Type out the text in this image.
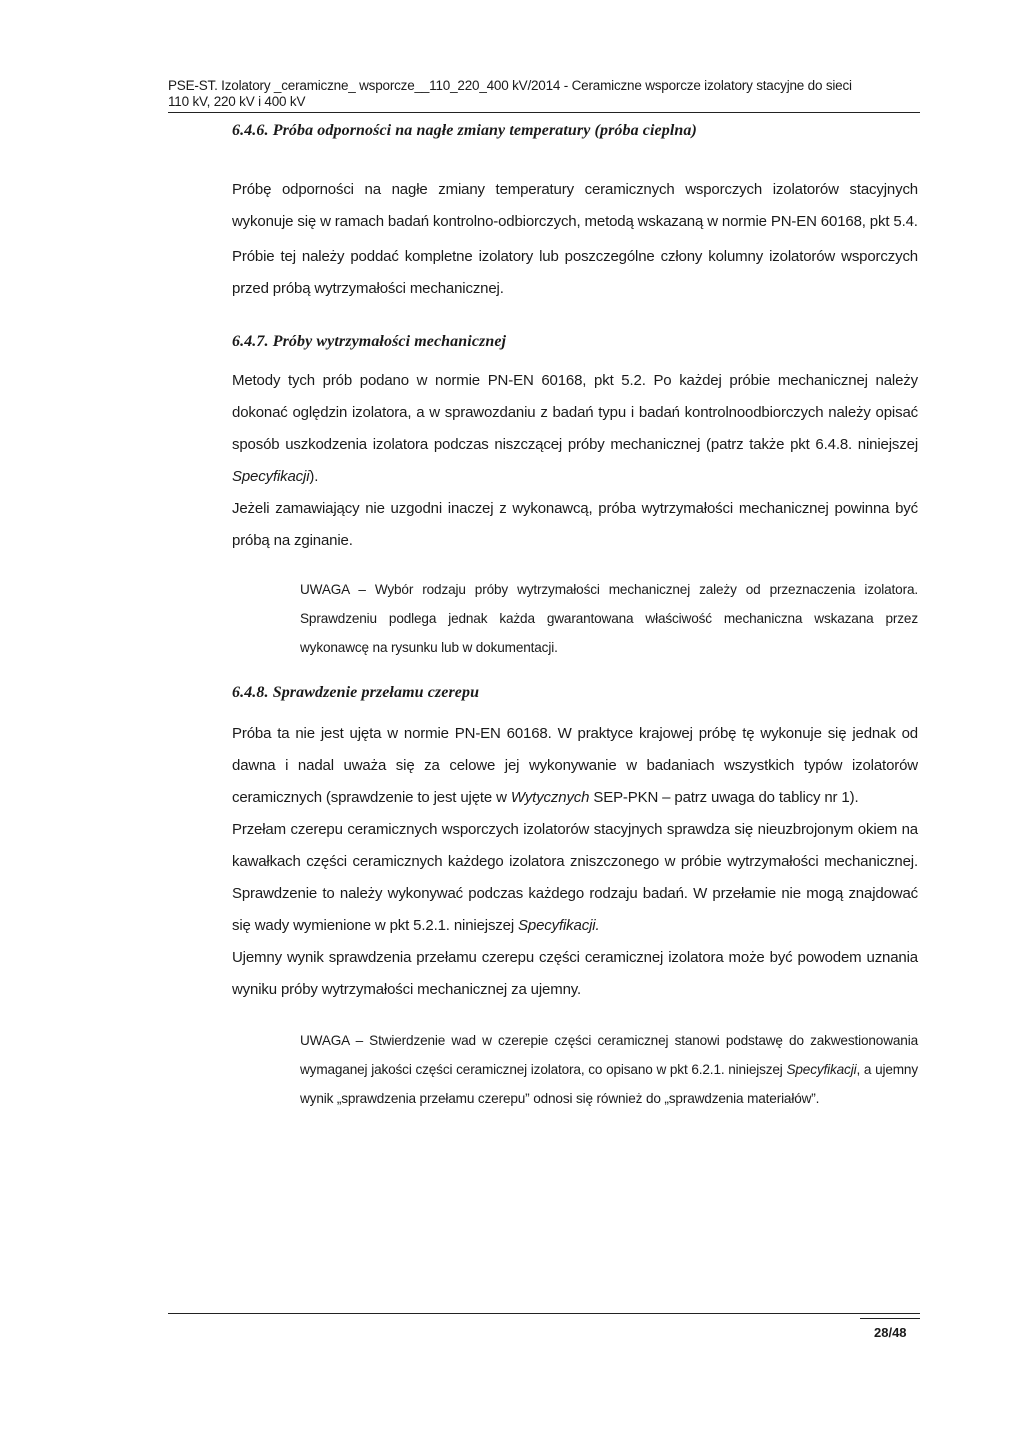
PSE-ST. Izolatory _ceramiczne_ wsporcze__110_220_400 kV/2014 - Ceramiczne wsporcze izolatory stacyjne do sieci
110 kV, 220 kV i 400 kV
6.4.6. Próba odporności na nagłe zmiany temperatury (próba cieplna)

Próbę odporności na nagłe zmiany temperatury ceramicznych wsporczych izolatorów stacyjnych wykonuje się w ramach badań kontrolno-odbiorczych, metodą wskazaną w normie PN-EN 60168, pkt 5.4.

Próbie tej należy poddać kompletne izolatory lub poszczególne człony kolumny izolatorów wsporczych przed próbą wytrzymałości mechanicznej.

6.4.7. Próby wytrzymałości mechanicznej

Metody tych prób podano w normie PN-EN 60168, pkt 5.2. Po każdej próbie mechanicznej należy dokonać oględzin izolatora, a w sprawozdaniu z badań typu i badań kontrolnoodbiorczych należy opisać sposób uszkodzenia izolatora podczas niszczącej próby mechanicznej (patrz także pkt 6.4.8. niniejszej Specyfikacji).

Jeżeli zamawiający nie uzgodni inaczej z wykonawcą, próba wytrzymałości mechanicznej powinna być próbą na zginanie.

UWAGA – Wybór rodzaju próby wytrzymałości mechanicznej zależy od przeznaczenia izolatora. Sprawdzeniu podlega jednak każda gwarantowana właściwość mechaniczna wskazana przez wykonawcę na rysunku lub w dokumentacji.

6.4.8. Sprawdzenie przełamu czerepu

Próba ta nie jest ujęta w normie PN-EN 60168. W praktyce krajowej próbę tę wykonuje się jednak od dawna i nadal uważa się za celowe jej wykonywanie w badaniach wszystkich typów izolatorów ceramicznych (sprawdzenie to jest ujęte w Wytycznych SEP-PKN – patrz uwaga do tablicy nr 1).

Przełam czerepu ceramicznych wsporczych izolatorów stacyjnych sprawdza się nieuzbrojonym okiem na kawałkach części ceramicznych każdego izolatora zniszczonego w próbie wytrzymałości mechanicznej. Sprawdzenie to należy wykonywać podczas każdego rodzaju badań. W przełamie nie mogą znajdować się wady wymienione w pkt 5.2.1. niniejszej Specyfikacji.

Ujemny wynik sprawdzenia przełamu czerepu części ceramicznej izolatora może być powodem uznania wyniku próby wytrzymałości mechanicznej za ujemny.

UWAGA – Stwierdzenie wad w czerepie części ceramicznej stanowi podstawę do zakwestionowania wymaganej jakości części ceramicznej izolatora, co opisano w pkt 6.2.1. niniejszej Specyfikacji, a ujemny wynik „sprawdzenia przełamu czerepu” odnosi się również do „sprawdzenia materiałów”.

28/48
